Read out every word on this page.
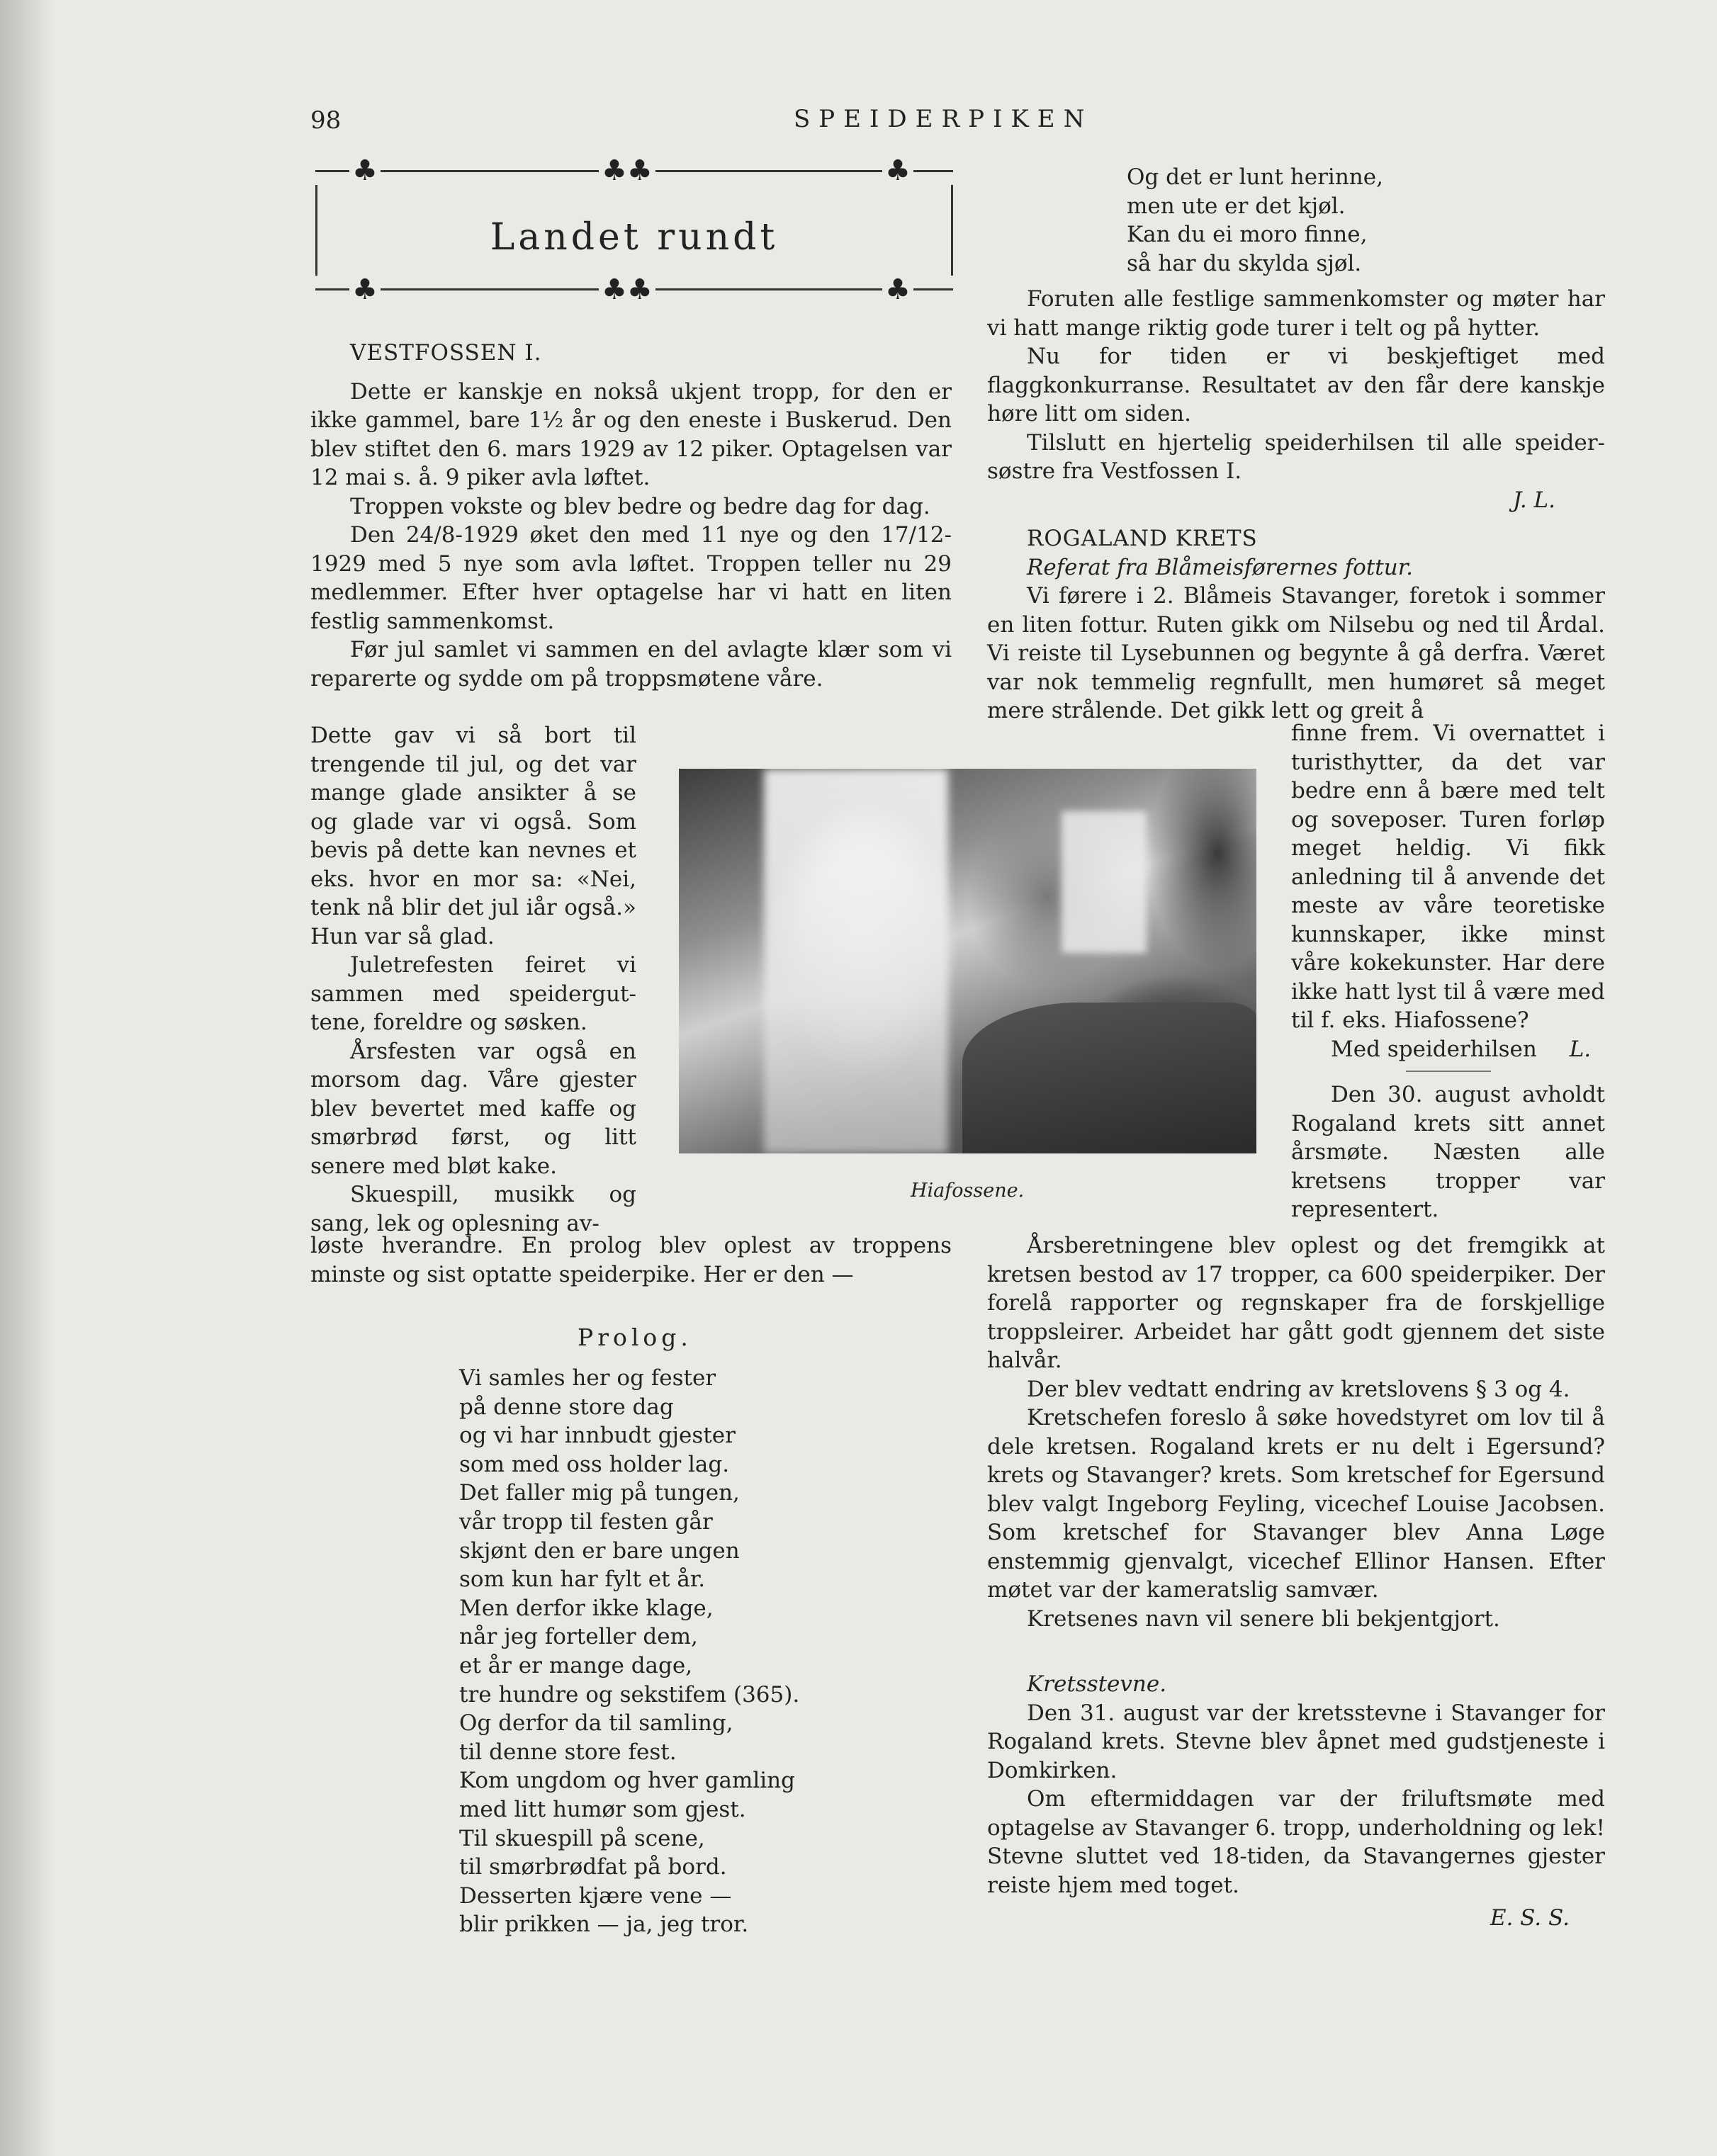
98	SPEIDERPIKEN
♣	♣♣	♣
Landet rundt
♣	♣♣	♣

VESTFOSSEN I.

Dette er kanskje en nokså ukjent tropp, for den er ikke gammel, bare 1½ år og den eneste i Buskerud. Den blev stiftet den 6. mars 1929 av 12 piker. Optagelsen var 12 mai s. å. 9 piker avla løftet.

Troppen vokste og blev bedre og bedre dag for dag.

Den 24/8-1929 øket den med 11 nye og den 17/12-1929 med 5 nye som avla løftet. Troppen teller nu 29 medlemmer. Efter hver optagelse har vi hatt en liten festlig sammenkomst.

Før jul samlet vi sammen en del avlagte klær som vi reparerte og sydde om på troppsmøtene våre.

Dette gav vi så bort til trengende til jul, og det var mange glade ansikter å se og glade var vi også. Som bevis på dette kan nevnes et eks. hvor en mor sa: «Nei, tenk nå blir det jul iår også.» Hun var så glad.

Juletrefesten feiret vi sammen med speidergut-tene, foreldre og søsken.

Årsfesten var også en morsom dag. Våre gjester blev bevertet med kaffe og smørbrød først, og litt senere med bløt kake.

Skuespill, musikk og sang, lek og oplesning av-

løste hverandre. En prolog blev oplest av troppens minste og sist optatte speiderpike. Her er den —

Hiafossene.
Prolog.
Vi samles her og fester
på denne store dag
og vi har innbudt gjester
som med oss holder lag.
Det faller mig på tungen,
vår tropp til festen går
skjønt den er bare ungen
som kun har fylt et år.
Men derfor ikke klage,
når jeg forteller dem,
et år er mange dage,
tre hundre og sekstifem (365).
Og derfor da til samling,
til denne store fest.
Kom ungdom og hver gamling
med litt humør som gjest.
Til skuespill på scene,
til smørbrødfat på bord.
Desserten kjære vene —
blir prikken — ja, jeg tror.
Og det er lunt herinne,
men ute er det kjøl.
Kan du ei moro finne,
så har du skylda sjøl.

Foruten alle festlige sammenkomster og møter har vi hatt mange riktig gode turer i telt og på hytter.

Nu for tiden er vi beskjeftiget med flaggkonkurranse. Resultatet av den får dere kanskje høre litt om siden.

Tilslutt en hjertelig speiderhilsen til alle speider-søstre fra Vestfossen I.

J. L.

ROGALAND KRETS

Referat fra Blåmeisførernes fottur.

Vi førere i 2. Blåmeis Stavanger, foretok i sommer en liten fottur. Ruten gikk om Nilsebu og ned til Årdal. Vi reiste til Lysebunnen og begynte å gå derfra. Været var nok temmelig regnfullt, men humøret så meget mere strålende. Det gikk lett og greit å

finne frem. Vi overnattet i turisthytter, da det var bedre enn å bære med telt og soveposer. Turen forløp meget heldig. Vi fikk anledning til å anvende det meste av våre teoretiske kunnskaper, ikke minst våre kokekunster. Har dere ikke hatt lyst til å være med til f. eks. Hiafossene?

Med speiderhilsen L.

Den 30. august avholdt Rogaland krets sitt annet årsmøte. Næsten alle kretsens tropper var representert.

Årsberetningene blev oplest og det fremgikk at kretsen bestod av 17 tropper, ca 600 speiderpiker. Der forelå rapporter og regnskaper fra de forskjellige troppsleirer. Arbeidet har gått godt gjennem det siste halvår.

Der blev vedtatt endring av kretslovens § 3 og 4.

Kretschefen foreslo å søke hovedstyret om lov til å dele kretsen. Rogaland krets er nu delt i Egersund? krets og Stavanger? krets. Som kretschef for Egersund blev valgt Ingeborg Feyling, vicechef Louise Jacobsen. Som kretschef for Stavanger blev Anna Løge enstemmig gjenvalgt, vicechef Ellinor Hansen. Efter møtet var der kameratslig samvær.

Kretsenes navn vil senere bli bekjentgjort.

Kretsstevne.

Den 31. august var der kretsstevne i Stavanger for Rogaland krets. Stevne blev åpnet med gudstjeneste i Domkirken.

Om eftermiddagen var der friluftsmøte med optagelse av Stavanger 6. tropp, underholdning og lek! Stevne sluttet ved 18-tiden, da Stavangernes gjester reiste hjem med toget.

E. S. S.
